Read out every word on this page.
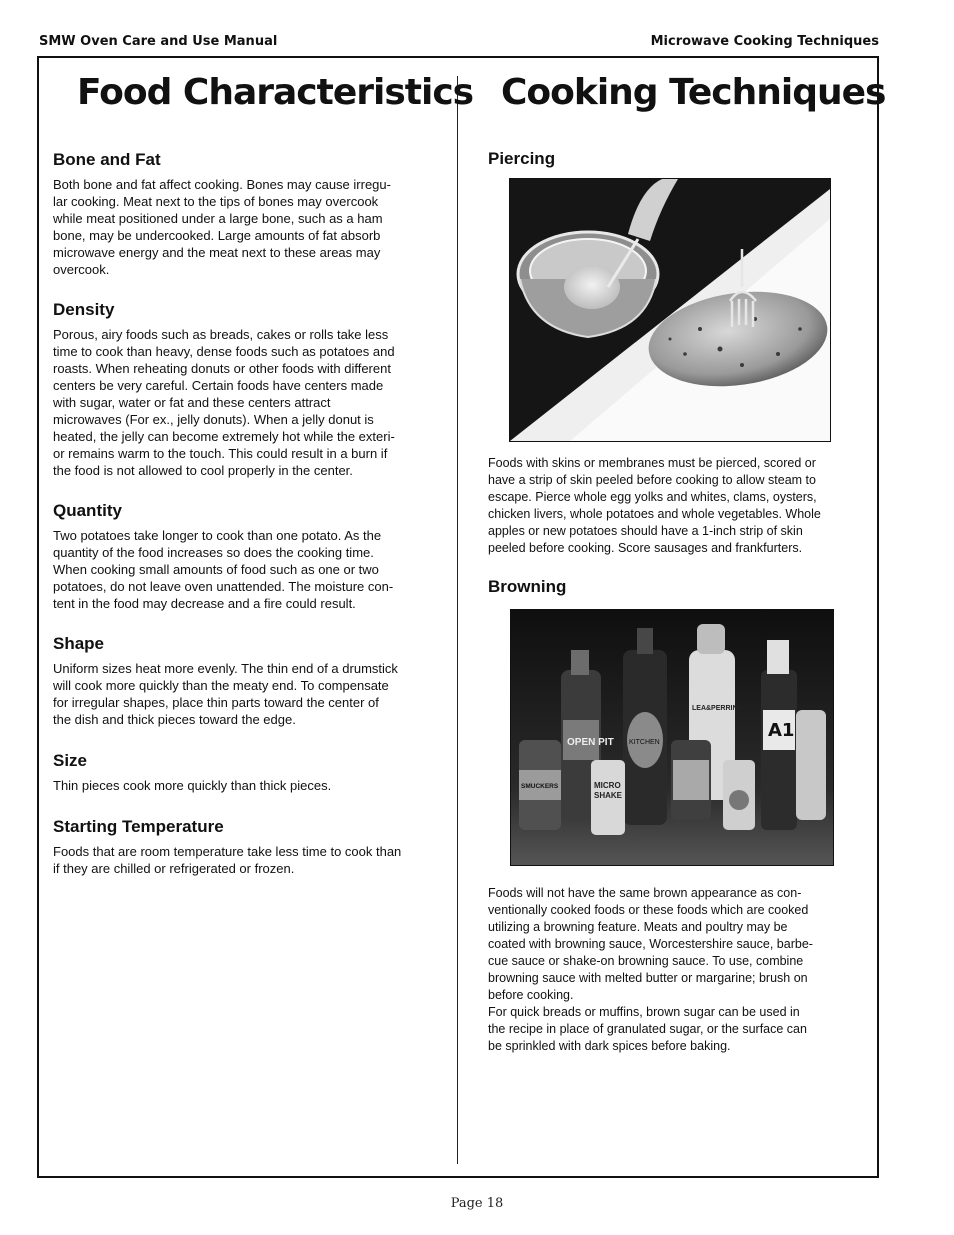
SMW Oven Care and Use Manual	Microwave Cooking Techniques
Food Characteristics Cooking Techniques
Bone and Fat

Both bone and fat affect cooking. Bones may cause irregu-
lar cooking. Meat next to the tips of bones may overcook
while meat positioned under a large bone, such as a ham
bone, may be undercooked. Large amounts of fat absorb
microwave energy and the meat next to these areas may
overcook.

Density

Porous, airy foods such as breads, cakes or rolls take less
time to cook than heavy, dense foods such as potatoes and
roasts. When reheating donuts or other foods with different
centers be very careful. Certain foods have centers made
with sugar, water or fat and these centers attract
microwaves (For ex., jelly donuts). When a jelly donut is
heated, the jelly can become extremely hot while the exteri-
or remains warm to the touch. This could result in a burn if
the food is not allowed to cool properly in the center.

Quantity

Two potatoes take longer to cook than one potato. As the
quantity of the food increases so does the cooking time.
When cooking small amounts of food such as one or two
potatoes, do not leave oven unattended. The moisture con-
tent in the food may decrease and a fire could result.

Shape

Uniform sizes heat more evenly. The thin end of a drumstick
will cook more quickly than the meaty end. To compensate
for irregular shapes, place thin parts toward the center of
the dish and thick pieces toward the edge.

Size

Thin pieces cook more quickly than thick pieces.

Starting Temperature

Foods that are room temperature take less time to cook than
if they are chilled or refrigerated or frozen.

Piercing

Foods with skins or membranes must be pierced, scored or
have a strip of skin peeled before cooking to allow steam to
escape. Pierce whole egg yolks and whites, clams, oysters,
chicken livers, whole potatoes and whole vegetables. Whole
apples or new potatoes should have a 1-inch strip of skin
peeled before cooking. Score sausages and frankfurters.

Browning

Foods will not have the same brown appearance as con-
ventionally cooked foods or these foods which are cooked
utilizing a browning feature. Meats and poultry may be
coated with browning sauce, Worcestershire sauce, barbe-
cue sauce or shake-on browning sauce. To use, combine
browning sauce with melted butter or margarine; brush on
before cooking.
For quick breads or muffins, brown sugar can be used in
the recipe in place of granulated sugar, or the surface can
be sprinkled with dark spices before baking.

OPEN PIT KITCHEN
LEA&PERRINS
A1
SMUCKERS	MICRO
SHAKE
Page 18
